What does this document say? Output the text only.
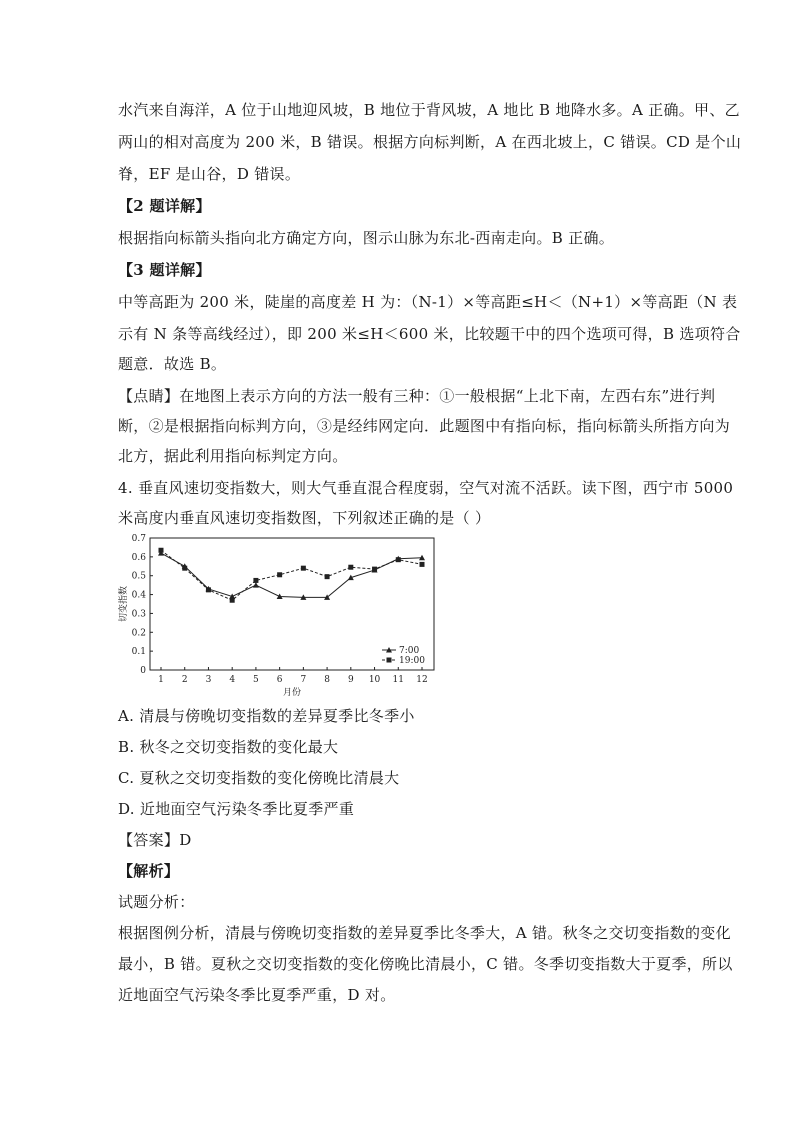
水汽来自海洋，A 位于山地迎风坡，B 地位于背风坡，A 地比 B 地降水多。A 正确。甲、乙
两山的相对高度为 200 米，B 错误。根据方向标判断，A 在西北坡上，C 错误。CD 是个山
脊，EF 是山谷，D 错误。
【2 题详解】
根据指向标箭头指向北方确定方向，图示山脉为东北-西南走向。B 正确。
【3 题详解】
中等高距为 200 米，陡崖的高度差 H 为：（N-1）×等高距≤H＜（N+1）×等高距（N 表
示有 N 条等高线经过），即 200 米≤H＜600 米，比较题干中的四个选项可得，B 选项符合
题意．故选 B。
【点睛】在地图上表示方向的方法一般有三种：①一般根据“上北下南，左西右东”进行判
断，②是根据指向标判方向，③是经纬网定向．此题图中有指向标，指向标箭头所指方向为
北方，据此利用指向标判定方向。
4. 垂直风速切变指数大，则大气垂直混合程度弱，空气对流不活跃。读下图，西宁市 5000
米高度内垂直风速切变指数图，下列叙述正确的是（ ）
0
0.1
0.2
0.3
0.4
0.5
0.6
0.7
1 2 3 4 5 6 7 8 9 10 11 12
月份
切变指数
7:00
19:00
A. 清晨与傍晚切变指数的差异夏季比冬季小
B. 秋冬之交切变指数的变化最大
C. 夏秋之交切变指数的变化傍晚比清晨大
D. 近地面空气污染冬季比夏季严重
【答案】D
【解析】
试题分析：
根据图例分析，清晨与傍晚切变指数的差异夏季比冬季大，A 错。秋冬之交切变指数的变化
最小，B 错。夏秋之交切变指数的变化傍晚比清晨小，C 错。冬季切变指数大于夏季，所以
近地面空气污染冬季比夏季严重，D 对。
